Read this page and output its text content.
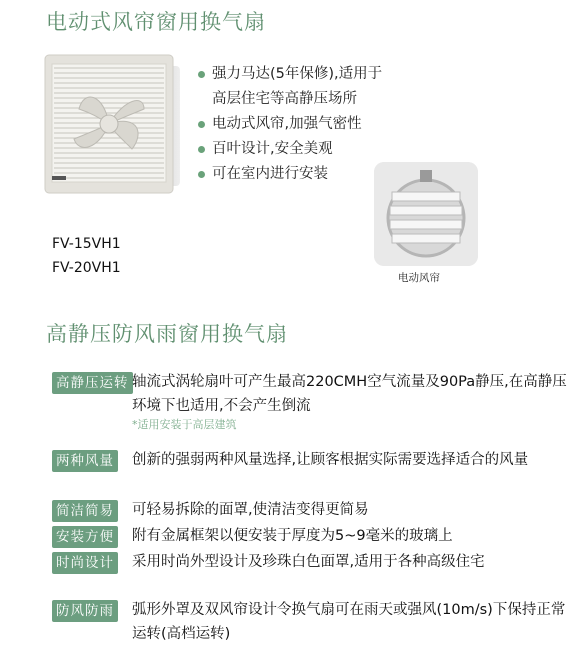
电动式风帘窗用换气扇
强力马达(5年保修),适用于
高层住宅等高静压场所
电动式风帘,加强气密性
百叶设计,安全美观
可在室内进行安装
FV-15VH1
FV-20VH1
电动风帘
高静压防风雨窗用换气扇
高静压运转 轴流式涡轮扇叶可产生最高220CMH空气流量及90Pa静压,在高静压环境下也适用,不会产生倒流
*适用安装于高层建筑
两种风量 创新的强弱两种风量选择,让顾客根据实际需要选择适合的风量
简洁简易 可轻易拆除的面罩,使清洁变得更简易
安装方便 附有金属框架以便安装于厚度为5~9毫米的玻璃上
时尚设计 采用时尚外型设计及珍珠白色面罩,适用于各种高级住宅
防风防雨 弧形外罩及双风帘设计令换气扇可在雨天或强风(10m/s)下保持正常运转(高档运转)
